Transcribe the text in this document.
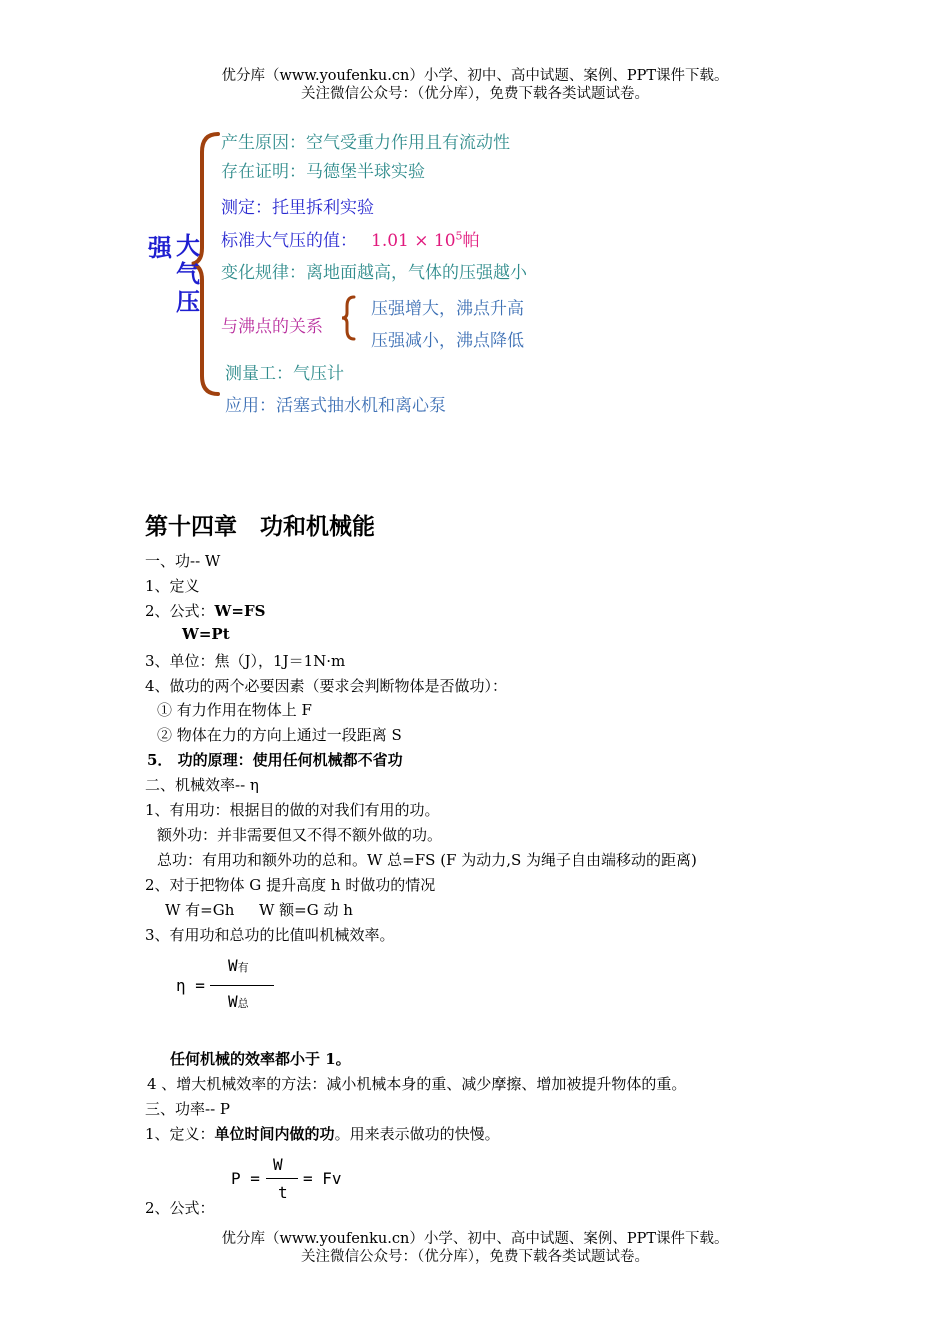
优分库（www.youfenku.cn）小学、初中、高中试题、案例、PPT课件下载。
关注微信公众号：（优分库），免费下载各类试题试卷。
强 大
气
压
产生原因：空气受重力作用且有流动性
存在证明：马德堡半球实验
测定：托里拆利实验
标准大气压的值： $1.01 \times 10^5$帕
变化规律：离地面越高，气体的压强越小
与沸点的关系
压强增大，沸点升高
压强减小，沸点降低
测量工：气压计
应用：活塞式抽水机和离心泵
第十四章　功和机械能
一、功-- W
1、定义
2、公式：W=FS
W=Pt
3、单位：焦（J），1J＝1N·m
4、做功的两个必要因素（要求会判断物体是否做功）：
① 有力作用在物体上 F
② 物体在力的方向上通过一段距离 S
5． 功的原理：使用任何机械都不省功
二、机械效率-- η
1、有用功：根据目的做的对我们有用的功。
额外功：并非需要但又不得不额外做的功。
总功：有用功和额外功的总和。W 总=FS (F 为动力,S 为绳子自由端移动的距离)
2、对于把物体 G 提升高度 h 时做功的情况
W 有=Gh W 额=G 动 h
3、有用功和总功的比值叫机械效率。
η =
W有
W总
任何机械的效率都小于 1。
4 、增大机械效率的方法：减小机械本身的重、减少摩擦、增加被提升物体的重。
三、功率-- P
1、定义：单位时间内做的功。用来表示做功的快慢。
P =
W
t
= Fv
2、公式：
优分库（www.youfenku.cn）小学、初中、高中试题、案例、PPT课件下载。
关注微信公众号：（优分库），免费下载各类试题试卷。
